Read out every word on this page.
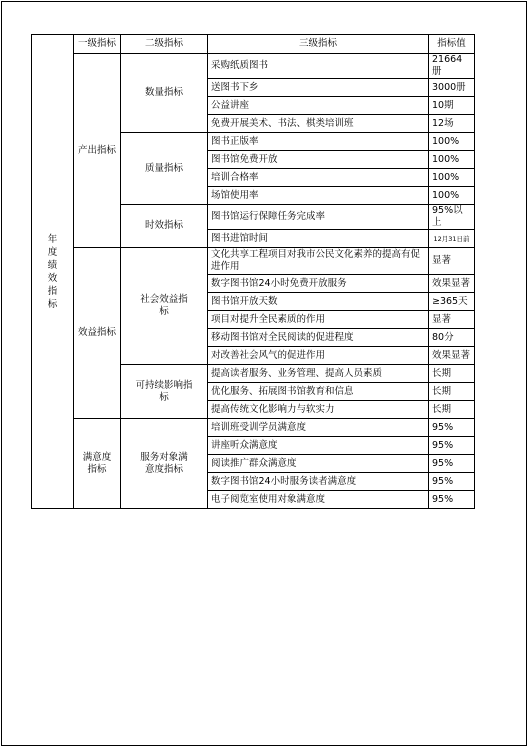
年度绩效指标	一级指标	二级指标	三级指标	指标值
	产出指标	数量指标	采购纸质图书	21664册
			送图书下乡	3000册
			公益讲座	10期
			免费开展美术、书法、棋类培训班	12场
		质量指标	图书正版率	100%
			图书馆免费开放	100%
			培训合格率	100%
			场馆使用率	100%
		时效指标	图书馆运行保障任务完成率	95%以上
			图书进馆时间	12月31日前
	效益指标	社会效益指标	文化共享工程项目对我市公民文化素养的提高有促进作用	显著
			数字图书馆24小时免费开放服务	效果显著
			图书馆开放天数	≥365天
			项目对提升全民素质的作用	显著
			移动图书馆对全民阅读的促进程度	80分
			对改善社会风气的促进作用	效果显著

		可持续影响指标	提高读者服务、业务管理、提高人员素质	长期
			优化服务、拓展图书馆教育和信息	长期
			提高传统文化影响力与软实力	长期

	满意度指标	服务对象满意度指标	培训班受训学员满意度	95%
			讲座听众满意度	95%
			阅读推广群众满意度	95%
			数字图书馆24小时服务读者满意度	95%
			电子阅览室使用对象满意度	95%
